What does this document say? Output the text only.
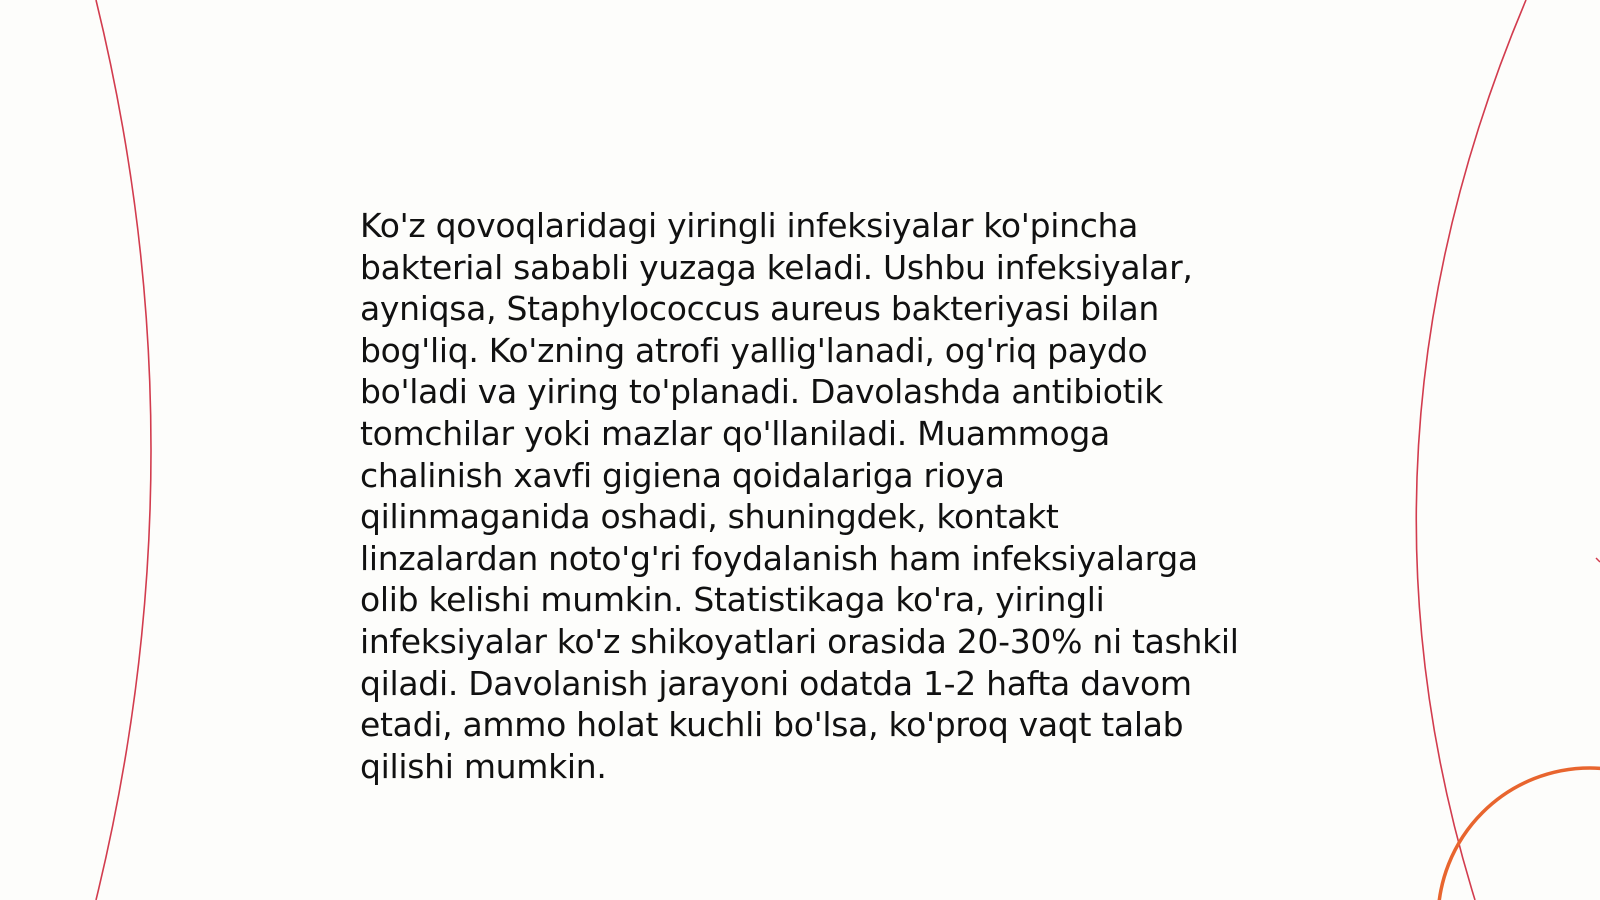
Ko'z qovoqlaridagi yiringli infeksiyalar ko'pincha
bakterial sababli yuzaga keladi. Ushbu infeksiyalar,
ayniqsa, Staphylococcus aureus bakteriyasi bilan
bog'liq. Ko'zning atrofi yallig'lanadi, og'riq paydo
bo'ladi va yiring to'planadi. Davolashda antibiotik
tomchilar yoki mazlar qo'llaniladi. Muammoga
chalinish xavfi gigiena qoidalariga rioya
qilinmaganida oshadi, shuningdek, kontakt
linzalardan noto'g'ri foydalanish ham infeksiyalarga
olib kelishi mumkin. Statistikaga ko'ra, yiringli
infeksiyalar ko'z shikoyatlari orasida 20-30% ni tashkil
qiladi. Davolanish jarayoni odatda 1-2 hafta davom
etadi, ammo holat kuchli bo'lsa, ko'proq vaqt talab
qilishi mumkin.
